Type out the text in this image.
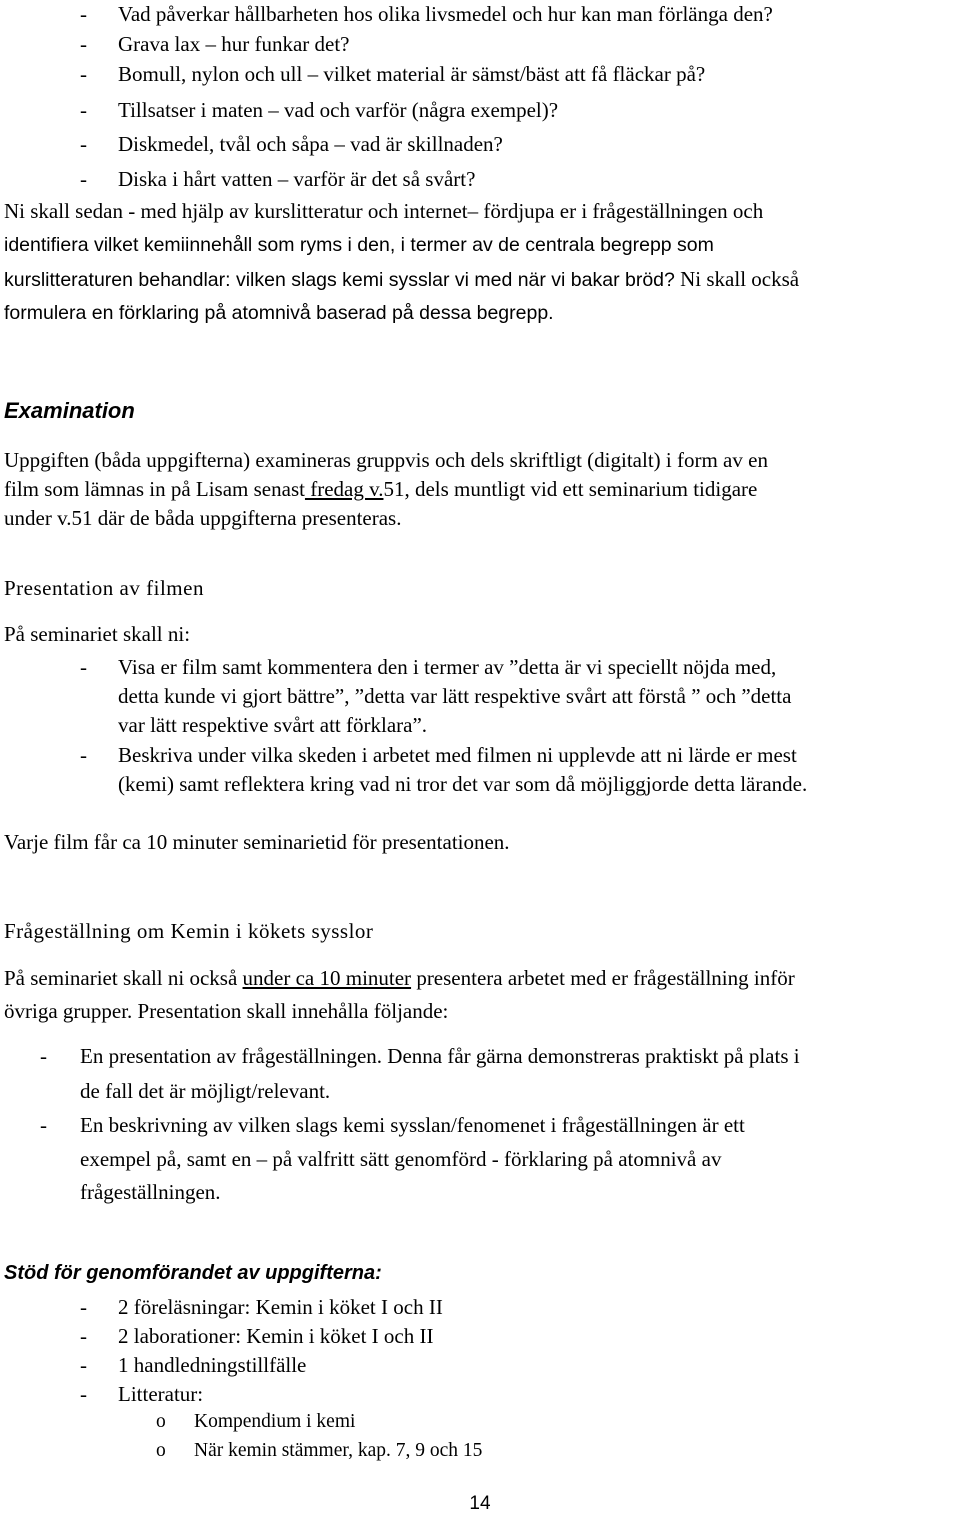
- Vad påverkar hållbarheten hos olika livsmedel och hur kan man förlänga den?
- Grava lax – hur funkar det?
- Bomull, nylon och ull – vilket material är sämst/bäst att få fläckar på?
- Tillsatser i maten – vad och varför (några exempel)?
- Diskmedel, tvål och såpa – vad är skillnaden?
- Diska i hårt vatten – varför är det så svårt?
Ni skall sedan - med hjälp av kurslitteratur och internet– fördjupa er i frågeställningen och
identifiera vilket kemiinnehåll som ryms i den, i termer av de centrala begrepp som
kurslitteraturen behandlar: vilken slags kemi sysslar vi med när vi bakar bröd? Ni skall också
formulera en förklaring på atomnivå baserad på dessa begrepp.
Examination
Uppgiften (båda uppgifterna) examineras gruppvis och dels skriftligt (digitalt) i form av en
film som lämnas in på Lisam senast fredag v.51, dels muntligt vid ett seminarium tidigare
under v.51 där de båda uppgifterna presenteras.
Presentation av filmen
På seminariet skall ni:
- Visa er film samt kommentera den i termer av ”detta är vi speciellt nöjda med,
detta kunde vi gjort bättre”, ”detta var lätt respektive svårt att förstå ” och ”detta
var lätt respektive svårt att förklara”.
- Beskriva under vilka skeden i arbetet med filmen ni upplevde att ni lärde er mest
(kemi) samt reflektera kring vad ni tror det var som då möjliggjorde detta lärande.
Varje film får ca 10 minuter seminarietid för presentationen.
Frågeställning om Kemin i kökets sysslor
På seminariet skall ni också under ca 10 minuter presentera arbetet med er frågeställning inför
övriga grupper. Presentation skall innehålla följande:
- En presentation av frågeställningen. Denna får gärna demonstreras praktiskt på plats i
de fall det är möjligt/relevant.
- En beskrivning av vilken slags kemi sysslan/fenomenet i frågeställningen är ett
exempel på, samt en – på valfritt sätt genomförd - förklaring på atomnivå av
frågeställningen.
Stöd för genomförandet av uppgifterna:
- 2 föreläsningar: Kemin i köket I och II
- 2 laborationer: Kemin i köket I och II
- 1 handledningstillfälle
- Litteratur:
o Kompendium i kemi
o När kemin stämmer, kap. 7, 9 och 15
14
